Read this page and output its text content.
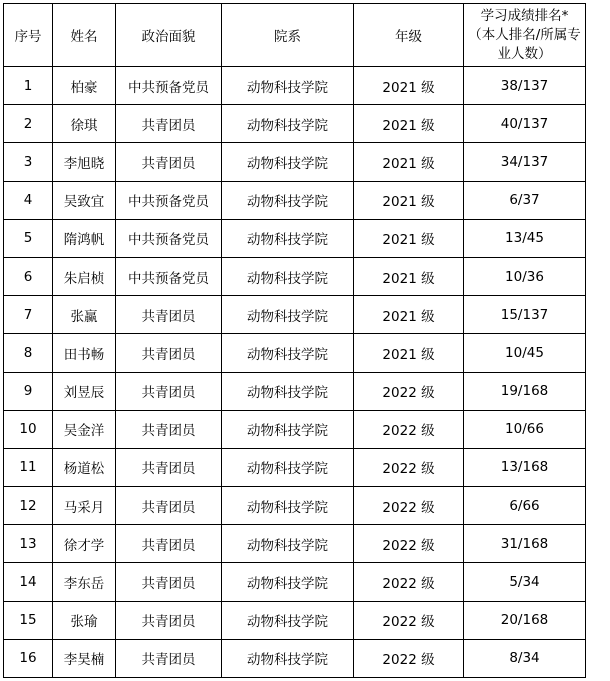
序号	姓名	政治面貌	院系	年级	学习成绩排名*（本人排名/所属专业人数）
1	柏豪	中共预备党员	动物科技学院	2021 级	38/137
2	徐琪	共青团员	动物科技学院	2021 级	40/137
3	李旭晓	共青团员	动物科技学院	2021 级	34/137
4	吴致宜	中共预备党员	动物科技学院	2021 级	6/37
5	隋鸿帆	中共预备党员	动物科技学院	2021 级	13/45
6	朱启桢	中共预备党员	动物科技学院	2021 级	10/36
7	张赢	共青团员	动物科技学院	2021 级	15/137
8	田书畅	共青团员	动物科技学院	2021 级	10/45
9	刘昱辰	共青团员	动物科技学院	2022 级	19/168
10	吴金洋	共青团员	动物科技学院	2022 级	10/66
11	杨道松	共青团员	动物科技学院	2022 级	13/168
12	马采月	共青团员	动物科技学院	2022 级	6/66
13	徐才学	共青团员	动物科技学院	2022 级	31/168
14	李东岳	共青团员	动物科技学院	2022 级	5/34
15	张瑜	共青团员	动物科技学院	2022 级	20/168
16	李昊楠	共青团员	动物科技学院	2022 级	8/34
